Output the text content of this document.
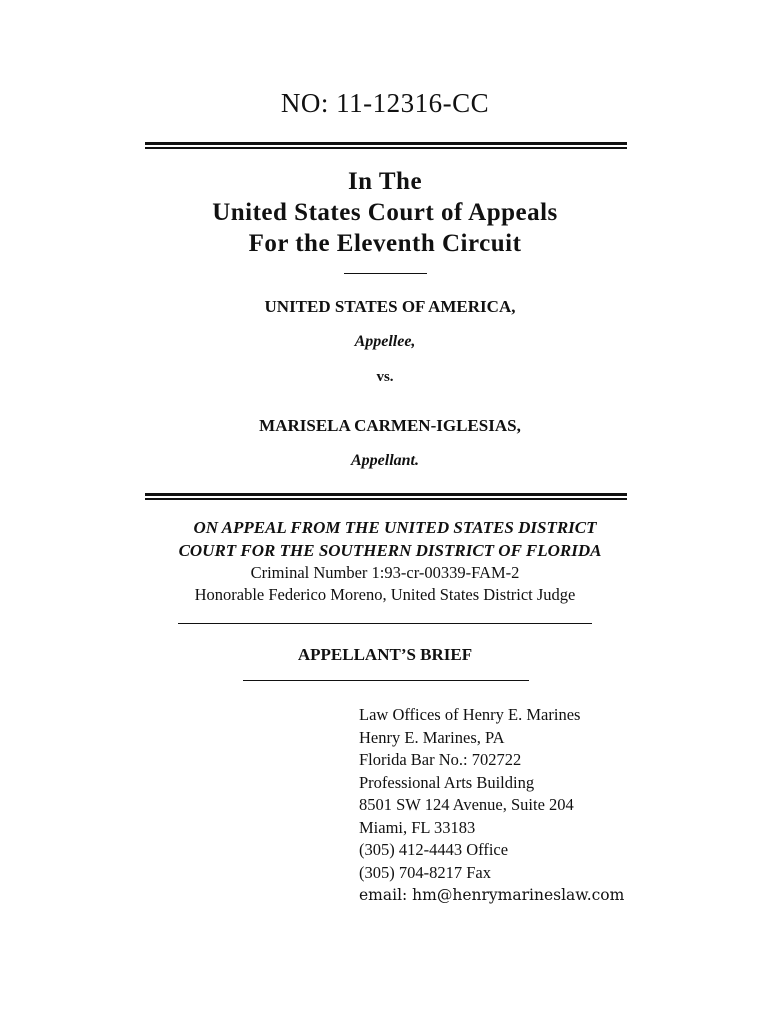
NO: 11-12316-CC
In The
United States Court of Appeals
For the Eleventh Circuit
UNITED STATES OF AMERICA,
Appellee,
vs.
MARISELA CARMEN-IGLESIAS,
Appellant.
ON APPEAL FROM THE UNITED STATES DISTRICT
COURT FOR THE SOUTHERN DISTRICT OF FLORIDA
Criminal Number 1:93-cr-00339-FAM-2
Honorable Federico Moreno, United States District Judge
APPELLANT’S BRIEF
Law Offices of Henry E. Marines
Henry E. Marines, PA
Florida Bar No.: 702722
Professional Arts Building
8501 SW 124 Avenue, Suite 204
Miami, FL 33183
(305) 412-4443 Office
(305) 704-8217 Fax
email: hm@henrymarineslaw.com
